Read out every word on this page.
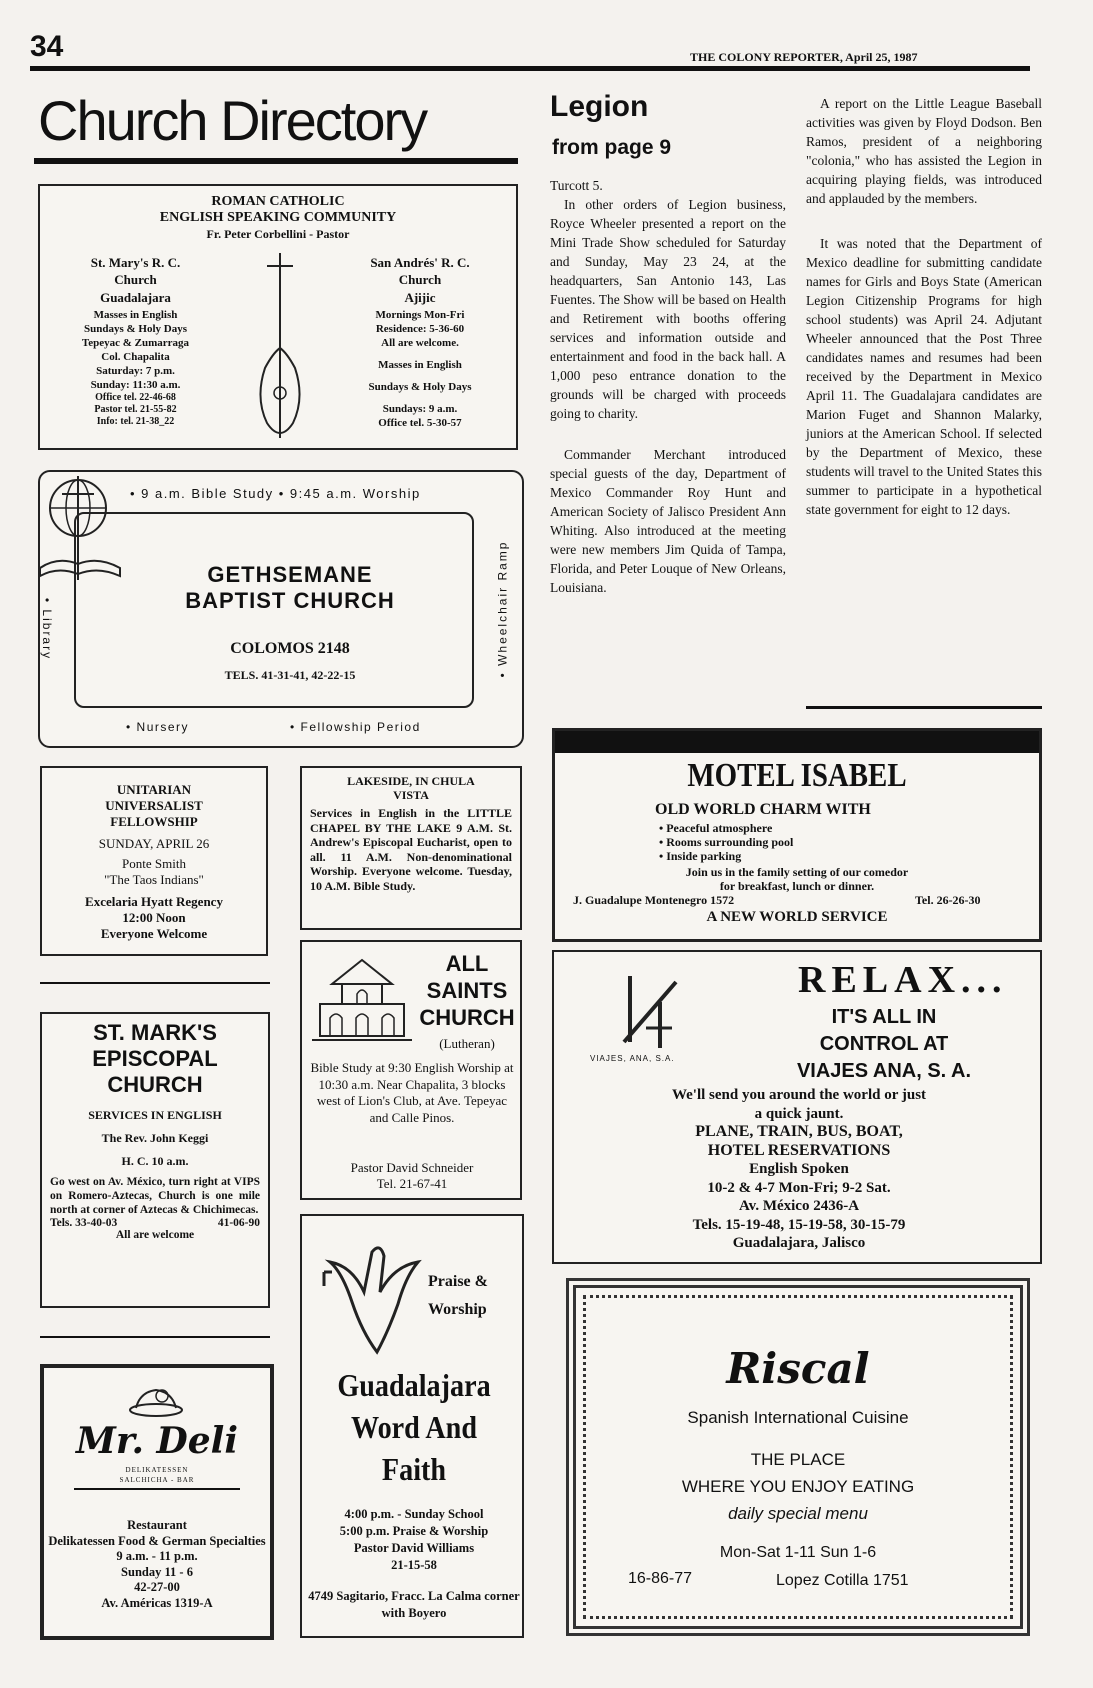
34	THE COLONY REPORTER, April 25, 1987
Church Directory
ROMAN CATHOLIC
ENGLISH SPEAKING COMMUNITY
Fr. Peter Corbellini - Pastor
St. Mary's R. C.
Church
Guadalajara
Masses in English
Sundays & Holy Days
Tepeyac & Zumarraga
Col. Chapalita
Saturday: 7 p.m.
Sunday: 11:30 a.m.
Office tel. 22-46-68
Pastor tel. 21-55-82
Info: tel. 21-38_22
San Andrés' R. C.
Church
Ajijic
Mornings Mon-Fri
Residence: 5-36-60
All are welcome.
Masses in English
Sundays & Holy Days
Sundays: 9 a.m.
Office tel. 5-30-57
• 9 a.m. Bible Study • 9:45 a.m. Worship
GETHSEMANE
BAPTIST CHURCH
COLOMOS 2148
TELS. 41-31-41, 42-22-15
• Library	• Wheelchair Ramp
• Nursery	• Fellowship Period
UNITARIAN
UNIVERSALIST
FELLOWSHIP
SUNDAY, APRIL 26
Ponte Smith
"The Taos Indians"
Excelaria Hyatt Regency
12:00 Noon
Everyone Welcome
LAKESIDE, IN CHULA
VISTA
Services in English in the LITTLE CHAPEL BY THE LAKE 9 A.M. St. Andrew's Episcopal Eucharist, open to all. 11 A.M. Non-denominational Worship. Everyone welcome. Tuesday, 10 A.M. Bible Study.
ALL
SAINTS
CHURCH
(Lutheran)
Bible Study at 9:30 English Worship at 10:30 a.m. Near Chapalita, 3 blocks west of Lion's Club, at Ave. Tepeyac and Calle Pinos.
Pastor David Schneider
Tel. 21-67-41
ST. MARK'S
EPISCOPAL
CHURCH
SERVICES IN ENGLISH
The Rev. John Keggi
H. C. 10 a.m.
Go west on Av. México, turn right at VIPS on Romero-Aztecas, Church is one mile north at corner of Aztecas & Chichimecas.
Tels. 33-40-03	41-06-90
All are welcome
Praise &
Worship
Guadalajara
Word And
Faith
4:00 p.m. - Sunday School
5:00 p.m. Praise & Worship
Pastor David Williams
21-15-58
4749 Sagitario, Fracc. La Calma corner with Boyero
Mr. Deli
DELIKATESSEN
SALCHICHA - BAR
Restaurant
Delikatessen Food & German Specialties
9 a.m. - 11 p.m.
Sunday 11 - 6
42-27-00
Av. Américas 1319-A
Legion
from page 9

Turcott 5.

In other orders of Legion business, Royce Wheeler presented a report on the Mini Trade Show scheduled for Saturday and Sunday, May 23 24, at the headquarters, San Antonio 143, Las Fuentes. The Show will be based on Health and Retirement with booths offering services and information outside and entertainment and food in the back hall. A 1,000 peso entrance donation to the grounds will be charged with proceeds going to charity.

Commander Merchant introduced special guests of the day, Department of Mexico Commander Roy Hunt and American Society of Jalisco President Ann Whiting. Also introduced at the meeting were new members Jim Quida of Tampa, Florida, and Peter Louque of New Orleans, Louisiana.

A report on the Little League Baseball activities was given by Floyd Dodson. Ben Ramos, president of a neighboring "colonia," who has assisted the Legion in acquiring playing fields, was introduced and applauded by the members.

It was noted that the Department of Mexico deadline for submitting candidate names for Girls and Boys State (American Legion Citizenship Programs for high school students) was April 24. Adjutant Wheeler announced that the Post Three candidates names and resumes had been received by the Department in Mexico April 11. The Guadalajara candidates are Marion Fuget and Shannon Malarky, juniors at the American School. If selected by the Department of Mexico, these students will travel to the United States this summer to participate in a hypothetical state government for eight to 12 days.

MOTEL ISABEL
OLD WORLD CHARM WITH
• Peaceful atmosphere
• Rooms surrounding pool
• Inside parking
Join us in the family setting of our comedor
for breakfast, lunch or dinner.
J. Guadalupe Montenegro 1572	Tel. 26-26-30
A NEW WORLD SERVICE
VIAJES, ANA, S.A.
RELAX...
IT'S ALL IN
CONTROL AT
VIAJES ANA, S. A.
We'll send you around the world or just
a quick jaunt.
PLANE, TRAIN, BUS, BOAT,
HOTEL RESERVATIONS
English Spoken
10-2 & 4-7 Mon-Fri; 9-2 Sat.
Av. México 2436-A
Tels. 15-19-48, 15-19-58, 30-15-79
Guadalajara, Jalisco
Riscal
Spanish International Cuisine
THE PLACE
WHERE YOU ENJOY EATING
daily special menu
Mon-Sat 1-11 Sun 1-6
16-86-77	Lopez Cotilla 1751
